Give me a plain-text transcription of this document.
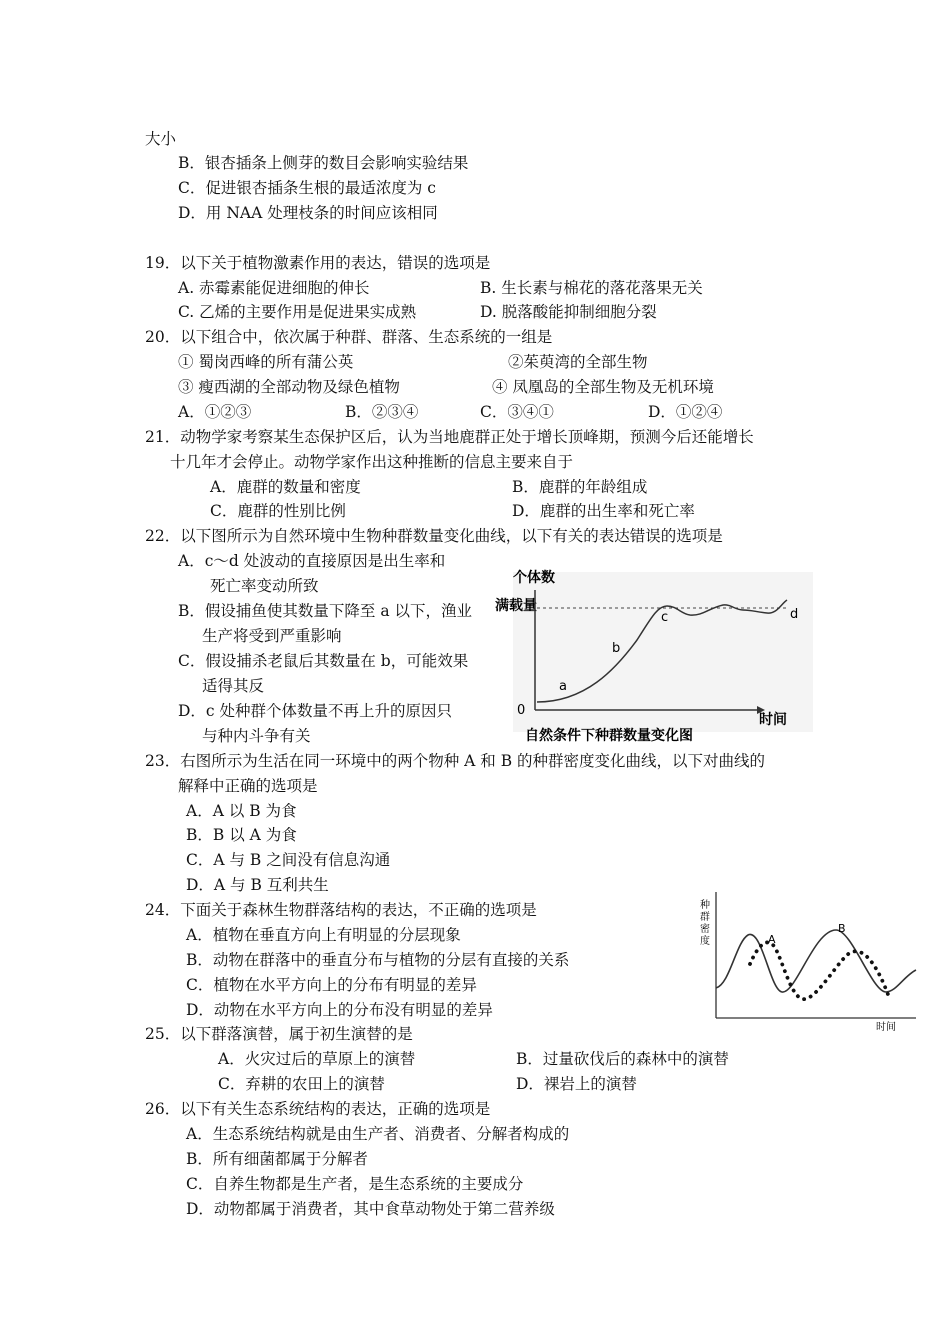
大小
B．银杏插条上侧芽的数目会影响实验结果
C．促进银杏插条生根的最适浓度为 c
D．用 NAA 处理枝条的时间应该相同
19．以下关于植物激素作用的表达，错误的选项是
A. 赤霉素能促进细胞的伸长	B. 生长素与棉花的落花落果无关
C. 乙烯的主要作用是促进果实成熟	D. 脱落酸能抑制细胞分裂
20．以下组合中，依次属于种群、群落、生态系统的一组是
① 蜀岗西峰的所有蒲公英	②茱萸湾的全部生物
③ 瘦西湖的全部动物及绿色植物	④ 凤凰岛的全部生物及无机环境
A．①②③	B．②③④	C．③④①	D．①②④
21．动物学家考察某生态保护区后，认为当地鹿群正处于增长顶峰期，预测今后还能增长
十几年才会停止。动物学家作出这种推断的信息主要来自于
A．鹿群的数量和密度	B．鹿群的年龄组成
C．鹿群的性别比例	D．鹿群的出生率和死亡率
22．以下图所示为自然环境中生物种群数量变化曲线，以下有关的表达错误的选项是
A．c～d 处波动的直接原因是出生率和
死亡率变动所致
B．假设捕鱼使其数量下降至 a 以下，渔业
生产将受到严重影响
C．假设捕杀老鼠后其数量在 b，可能效果
适得其反
D．c 处种群个体数量不再上升的原因只
与种内斗争有关
个体数
满载量
a
b
c	d
0
时间
自然条件下种群数量变化图
23．右图所示为生活在同一环境中的两个物种 A 和 B 的种群密度变化曲线，以下对曲线的
解释中正确的选项是
A．A 以 B 为食
B．B 以 A 为食
C．A 与 B 之间没有信息沟通
D．A 与 B 互利共生
种
群
密
度	A
B
时间
24．下面关于森林生物群落结构的表达，不正确的选项是
A．植物在垂直方向上有明显的分层现象
B．动物在群落中的垂直分布与植物的分层有直接的关系
C．植物在水平方向上的分布有明显的差异
D．动物在水平方向上的分布没有明显的差异
25．以下群落演替，属于初生演替的是
A．火灾过后的草原上的演替	B．过量砍伐后的森林中的演替
C．弃耕的农田上的演替	D．裸岩上的演替
26．以下有关生态系统结构的表达，正确的选项是
A．生态系统结构就是由生产者、消费者、分解者构成的
B．所有细菌都属于分解者
C．自养生物都是生产者，是生态系统的主要成分
D．动物都属于消费者，其中食草动物处于第二营养级
